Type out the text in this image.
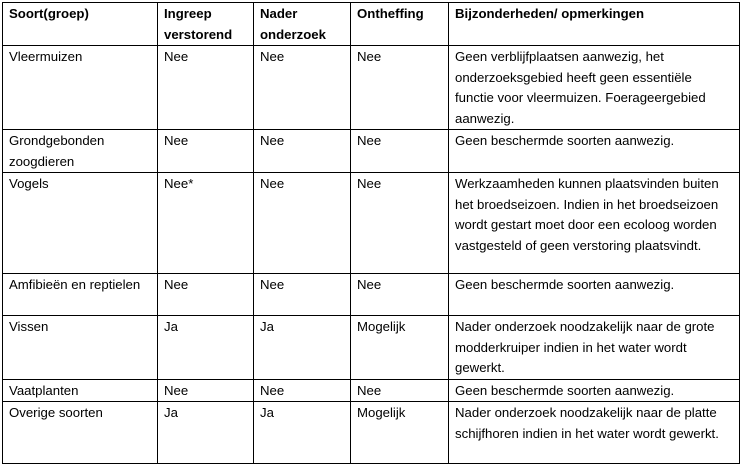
Soort(groep)	Ingreep verstorend	Nader onderzoek	Ontheffing	Bijzonderheden/ opmerkingen
Vleermuizen	Nee	Nee	Nee	Geen verblijfplaatsen aanwezig, het onderzoeksgebied heeft geen essentiële functie voor vleermuizen. Foerageergebied aanwezig.
Grondgebonden zoogdieren	Nee	Nee	Nee	Geen beschermde soorten aanwezig.
Vogels	Nee*	Nee	Nee	Werkzaamheden kunnen plaatsvinden buiten het broedseizoen. Indien in het broedseizoen wordt gestart moet door een ecoloog worden vastgesteld of geen verstoring plaatsvindt.
Amfibieën en reptielen	Nee	Nee	Nee	Geen beschermde soorten aanwezig.
Vissen	Ja	Ja	Mogelijk	Nader onderzoek noodzakelijk naar de grote modderkruiper indien in het water wordt gewerkt.
Vaatplanten	Nee	Nee	Nee	Geen beschermde soorten aanwezig.
Overige soorten	Ja	Ja	Mogelijk	Nader onderzoek noodzakelijk naar de platte schijfhoren indien in het water wordt gewerkt.
